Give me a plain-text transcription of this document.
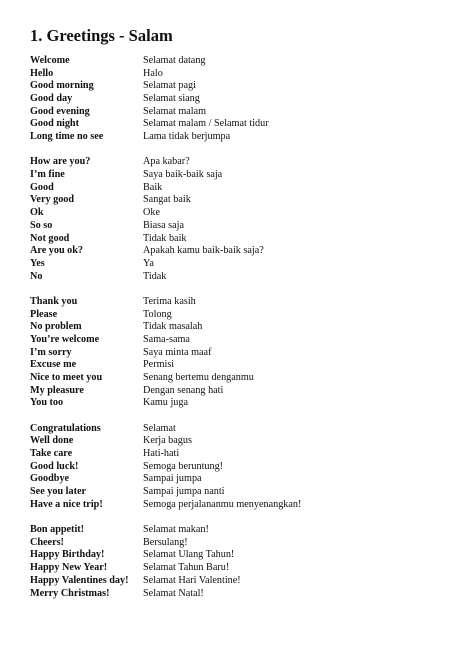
1. Greetings - Salam
Welcome	Selamat datang
Hello	Halo
Good morning	Selamat pagi
Good day	Selamat siang
Good evening	Selamat malam
Good night	Selamat malam / Selamat tidur
Long time no see	Lama tidak berjumpa
How are you?	Apa kabar?
I’m fine	Saya baik-baik saja
Good	Baik
Very good	Sangat baik
Ok	Oke
So so	Biasa saja
Not good	Tidak baik
Are you ok?	Apakah kamu baik-baik saja?
Yes	Ya
No	Tidak
Thank you	Terima kasih
Please	Tolong
No problem	Tidak masalah
You’re welcome	Sama-sama
I’m sorry	Saya minta maaf
Excuse me	Permisi
Nice to meet you	Senang bertemu denganmu
My pleasure	Dengan senang hati
You too	Kamu juga
Congratulations	Selamat
Well done	Kerja bagus
Take care	Hati-hati
Good luck!	Semoga beruntung!
Goodbye	Sampai jumpa
See you later	Sampai jumpa nanti
Have a nice trip!	Semoga perjalananmu menyenangkan!
Bon appetit!	Selamat makan!
Cheers!	Bersulang!
Happy Birthday!	Selamat Ulang Tahun!
Happy New Year!	Selamat Tahun Baru!
Happy Valentines day!	Selamat Hari Valentine!
Merry Christmas!	Selamat Natal!
